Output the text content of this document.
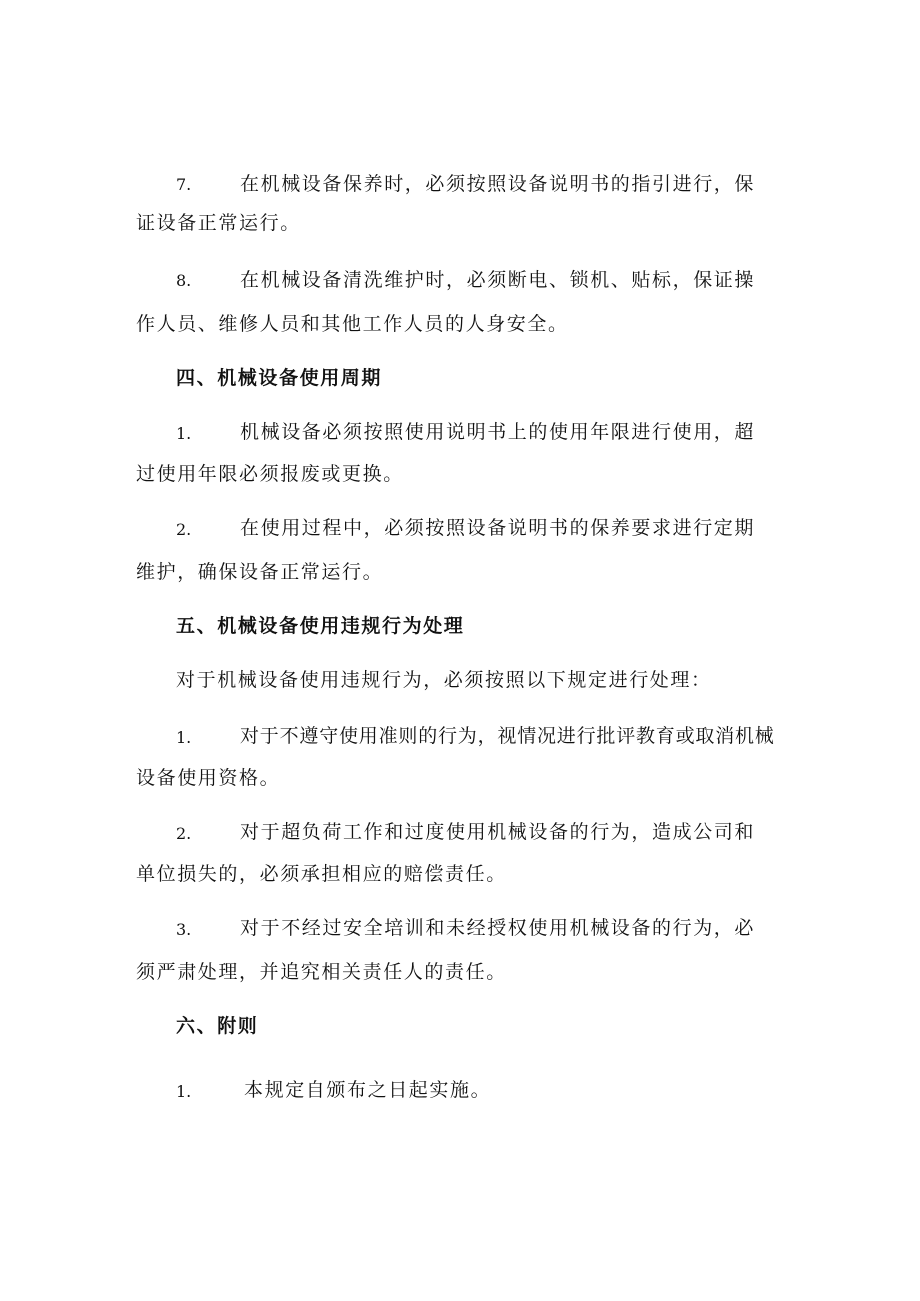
7.	在机械设备保养时，必须按照设备说明书的指引进行，保
证设备正常运行。
8.	在机械设备清洗维护时，必须断电、锁机、贴标，保证操
作人员、维修人员和其他工作人员的人身安全。
四、机械设备使用周期
1.	机械设备必须按照使用说明书上的使用年限进行使用，超
过使用年限必须报废或更换。
2.	在使用过程中，必须按照设备说明书的保养要求进行定期
维护，确保设备正常运行。
五、机械设备使用违规行为处理
对于机械设备使用违规行为，必须按照以下规定进行处理：
1.	对于不遵守使用准则的行为，视情况进行批评教育或取消机械
设备使用资格。
2.	对于超负荷工作和过度使用机械设备的行为，造成公司和
单位损失的，必须承担相应的赔偿责任。
3.	对于不经过安全培训和未经授权使用机械设备的行为，必
须严肃处理，并追究相关责任人的责任。
六、附则
1.	本规定自颁布之日起实施。
